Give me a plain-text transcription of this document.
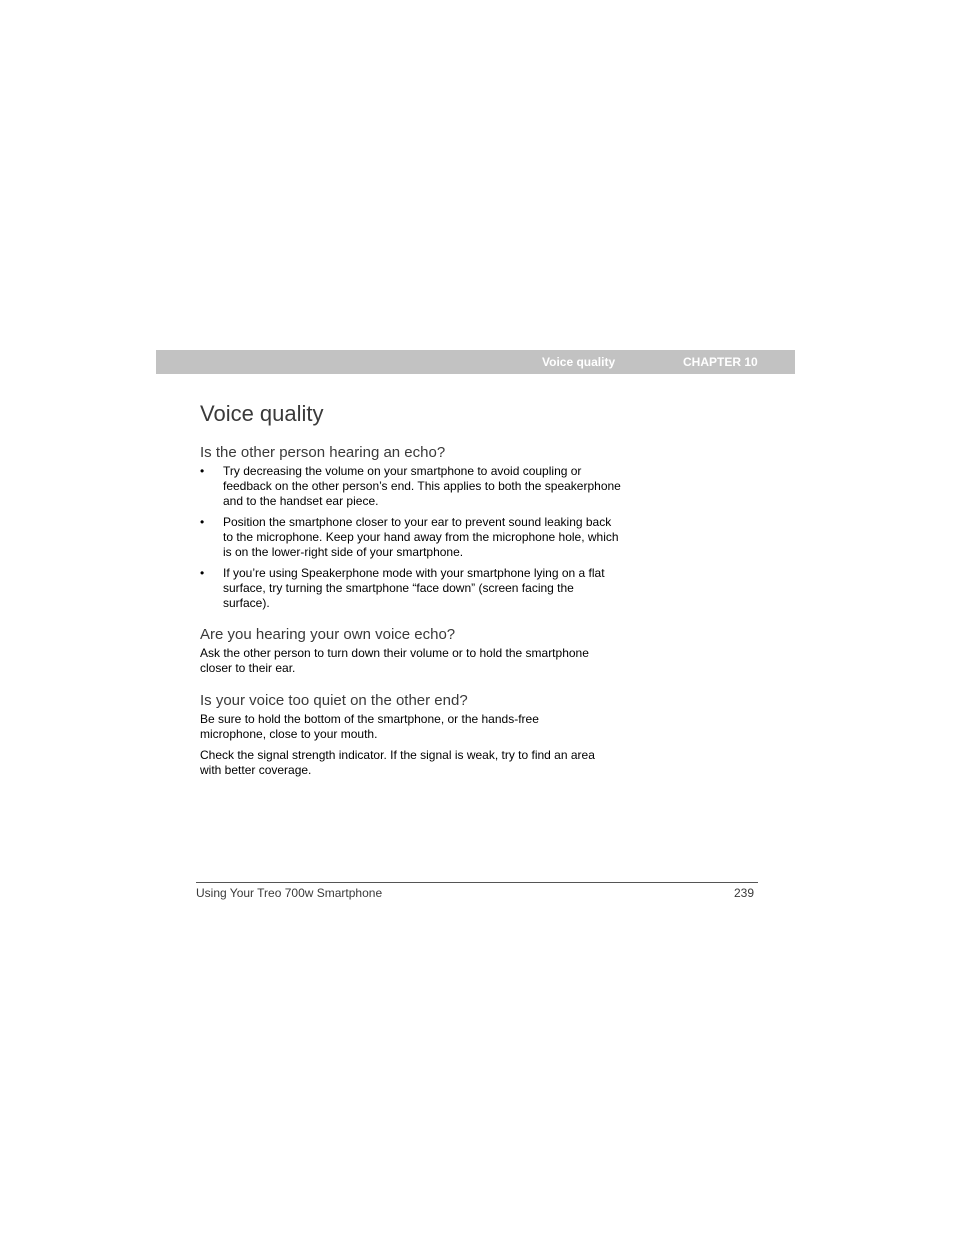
Voice quality	CHAPTER 10
Voice quality
Is the other person hearing an echo?
• Try decreasing the volume on your smartphone to avoid coupling or feedback on the other person’s end. This applies to both the speakerphone and to the handset ear piece.
• Position the smartphone closer to your ear to prevent sound leaking back to the microphone. Keep your hand away from the microphone hole, which is on the lower-right side of your smartphone.
• If you’re using Speakerphone mode with your smartphone lying on a flat surface, try turning the smartphone “face down” (screen facing the surface).
Are you hearing your own voice echo?

Ask the other person to turn down their volume or to hold the smartphone closer to their ear.

Is your voice too quiet on the other end?

Be sure to hold the bottom of the smartphone, or the hands-free microphone, close to your mouth.

Check the signal strength indicator. If the signal is weak, try to find an area with better coverage.

Using Your Treo 700w Smartphone	239
